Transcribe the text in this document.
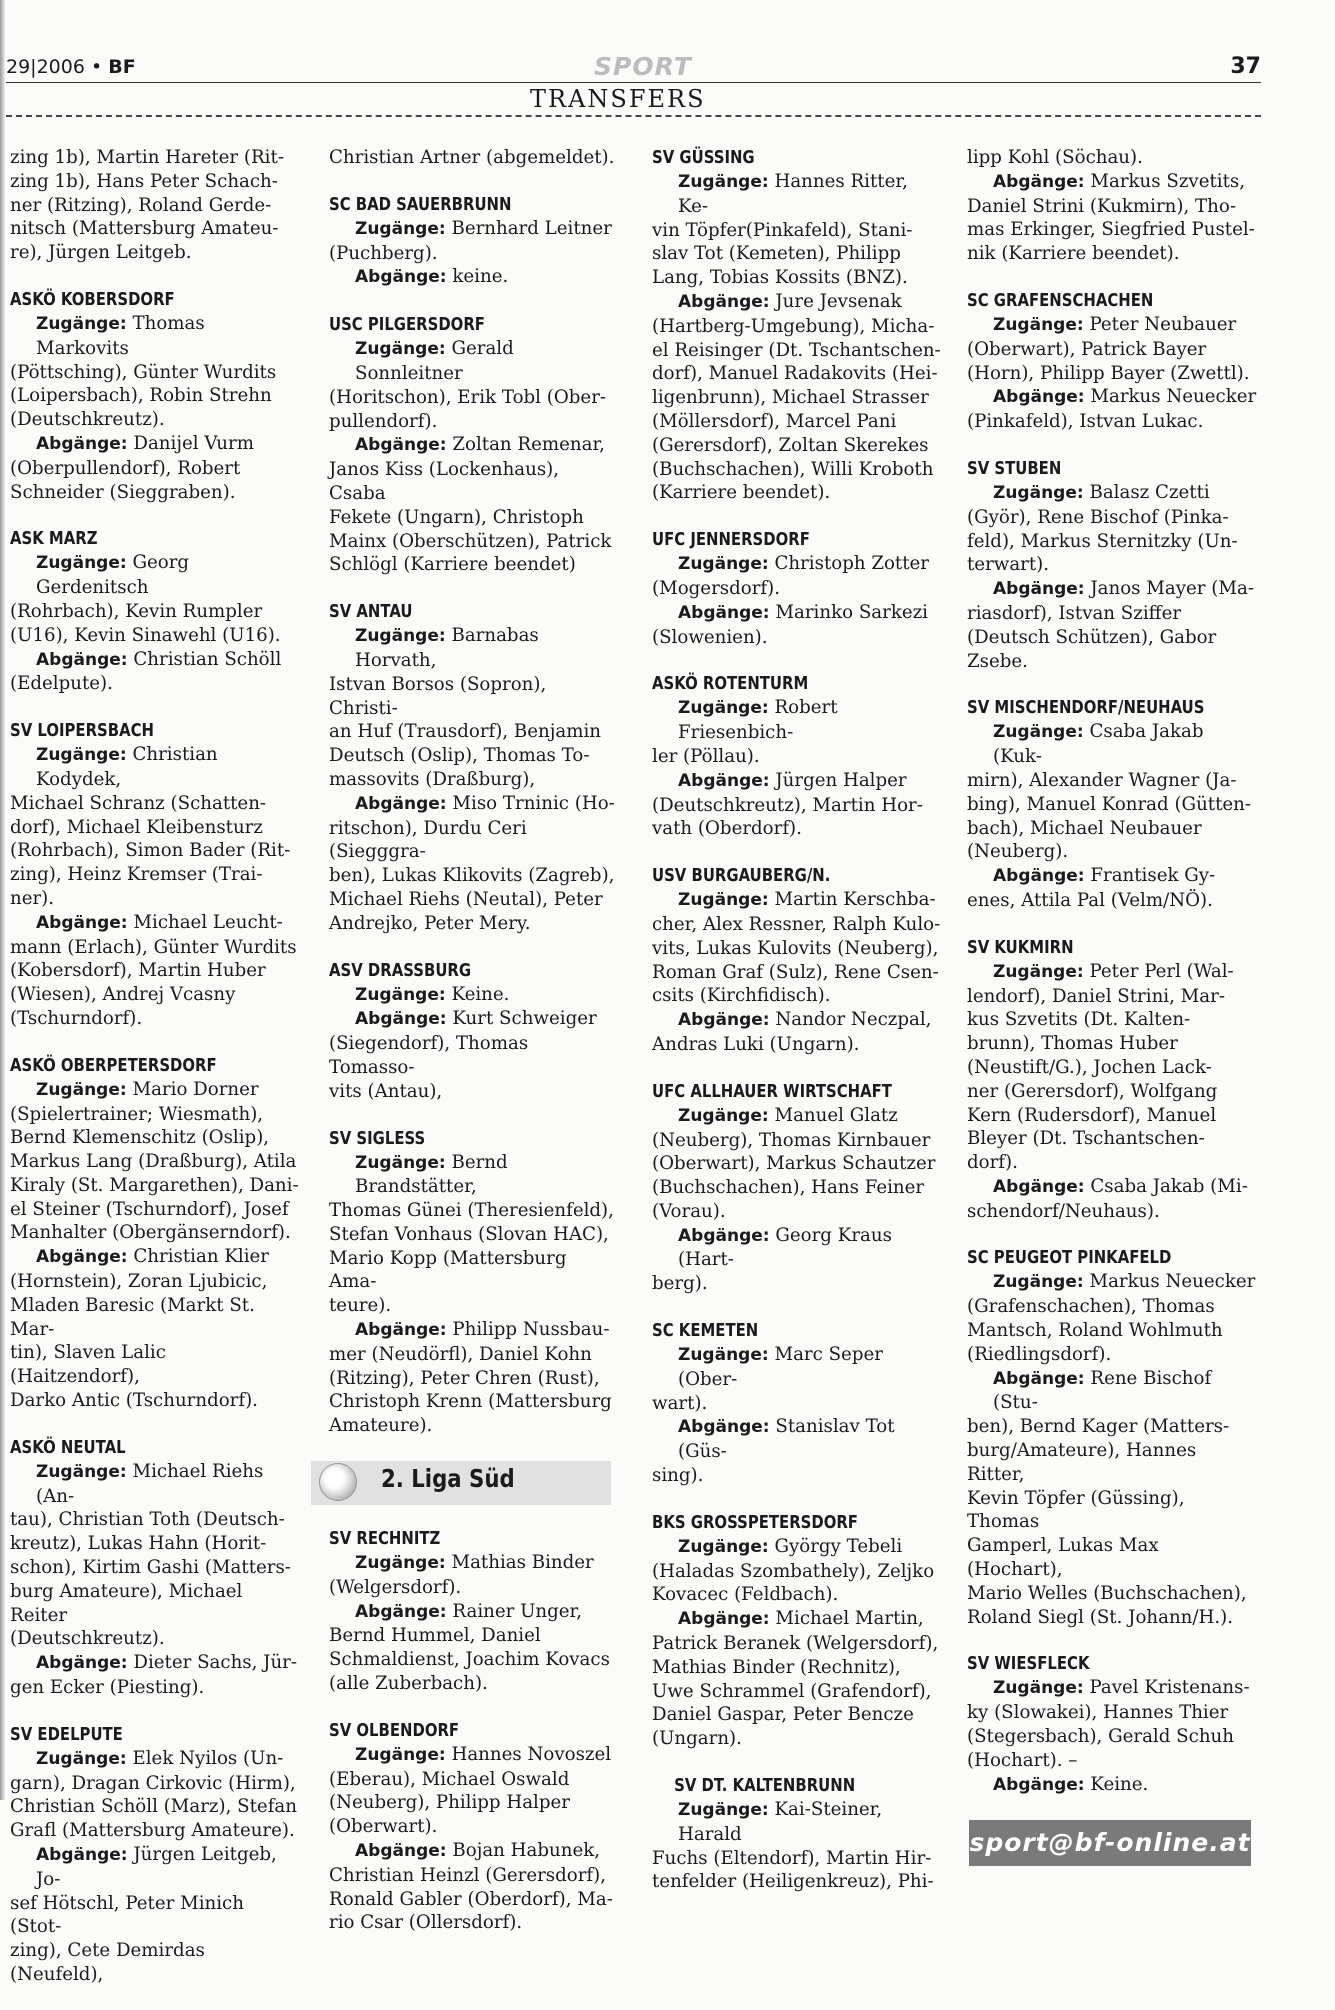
29|2006 • BF	SPORT	37
TRANSFERS
zing 1b), Martin Hareter (Rit-
zing 1b), Hans Peter Schach-
ner (Ritzing), Roland Gerde-
nitsch (Mattersburg Amateu-
re), Jürgen Leitgeb.
ASKÖ KOBERSDORF
Zugänge: Thomas Markovits
(Pöttsching), Günter Wurdits
(Loipersbach), Robin Strehn
(Deutschkreutz).
Abgänge: Danijel Vurm
(Oberpullendorf), Robert
Schneider (Sieggraben).
ASK MARZ
Zugänge: Georg Gerdenitsch
(Rohrbach), Kevin Rumpler
(U16), Kevin Sinawehl (U16).
Abgänge: Christian Schöll
(Edelpute).
SV LOIPERSBACH
Zugänge: Christian Kodydek,
Michael Schranz (Schatten-
dorf), Michael Kleibensturz
(Rohrbach), Simon Bader (Rit-
zing), Heinz Kremser (Trai-
ner).
Abgänge: Michael Leucht-
mann (Erlach), Günter Wurdits
(Kobersdorf), Martin Huber
(Wiesen), Andrej Vcasny
(Tschurndorf).
ASKÖ OBERPETERSDORF
Zugänge: Mario Dorner
(Spielertrainer; Wiesmath),
Bernd Klemenschitz (Oslip),
Markus Lang (Draßburg), Atila
Kiraly (St. Margarethen), Dani-
el Steiner (Tschurndorf), Josef
Manhalter (Obergänserndorf).
Abgänge: Christian Klier
(Hornstein), Zoran Ljubicic,
Mladen Baresic (Markt St. Mar-
tin), Slaven Lalic (Haitzendorf),
Darko Antic (Tschurndorf).
ASKÖ NEUTAL
Zugänge: Michael Riehs (An-
tau), Christian Toth (Deutsch-
kreutz), Lukas Hahn (Horit-
schon), Kirtim Gashi (Matters-
burg Amateure), Michael Reiter
(Deutschkreutz).
Abgänge: Dieter Sachs, Jür-
gen Ecker (Piesting).
SV EDELPUTE
Zugänge: Elek Nyilos (Un-
garn), Dragan Cirkovic (Hirm),
Christian Schöll (Marz), Stefan
Grafl (Mattersburg Amateure).
Abgänge: Jürgen Leitgeb, Jo-
sef Hötschl, Peter Minich (Stot-
zing), Cete Demirdas (Neufeld),
Christian Artner (abgemeldet).
SC BAD SAUERBRUNN
Zugänge: Bernhard Leitner
(Puchberg).
Abgänge: keine.
USC PILGERSDORF
Zugänge: Gerald Sonnleitner
(Horitschon), Erik Tobl (Ober-
pullendorf).
Abgänge: Zoltan Remenar,
Janos Kiss (Lockenhaus), Csaba
Fekete (Ungarn), Christoph
Mainx (Oberschützen), Patrick
Schlögl (Karriere beendet)
SV ANTAU
Zugänge: Barnabas Horvath,
Istvan Borsos (Sopron), Christi-
an Huf (Trausdorf), Benjamin
Deutsch (Oslip), Thomas To-
massovits (Draßburg),
Abgänge: Miso Trninic (Ho-
ritschon), Durdu Ceri (Siegggra-
ben), Lukas Klikovits (Zagreb),
Michael Riehs (Neutal), Peter
Andrejko, Peter Mery.
ASV DRASSBURG
Zugänge: Keine.
Abgänge: Kurt Schweiger
(Siegendorf), Thomas Tomasso-
vits (Antau),
SV SIGLESS
Zugänge: Bernd Brandstätter,
Thomas Günei (Theresienfeld),
Stefan Vonhaus (Slovan HAC),
Mario Kopp (Mattersburg Ama-
teure).
Abgänge: Philipp Nussbau-
mer (Neudörfl), Daniel Kohn
(Ritzing), Peter Chren (Rust),
Christoph Krenn (Mattersburg
Amateure).
2. Liga Süd
SV RECHNITZ
Zugänge: Mathias Binder
(Welgersdorf).
Abgänge: Rainer Unger,
Bernd Hummel, Daniel
Schmaldienst, Joachim Kovacs
(alle Zuberbach).
SV OLBENDORF
Zugänge: Hannes Novoszel
(Eberau), Michael Oswald
(Neuberg), Philipp Halper
(Oberwart).
Abgänge: Bojan Habunek,
Christian Heinzl (Gerersdorf),
Ronald Gabler (Oberdorf), Ma-
rio Csar (Ollersdorf).
SV GÜSSING
Zugänge: Hannes Ritter, Ke-
vin Töpfer(Pinkafeld), Stani-
slav Tot (Kemeten), Philipp
Lang, Tobias Kossits (BNZ).
Abgänge: Jure Jevsenak
(Hartberg-Umgebung), Micha-
el Reisinger (Dt. Tschantschen-
dorf), Manuel Radakovits (Hei-
ligenbrunn), Michael Strasser
(Möllersdorf), Marcel Pani
(Gerersdorf), Zoltan Skerekes
(Buchschachen), Willi Kroboth
(Karriere beendet).
UFC JENNERSDORF
Zugänge: Christoph Zotter
(Mogersdorf).
Abgänge: Marinko Sarkezi
(Slowenien).
ASKÖ ROTENTURM
Zugänge: Robert Friesenbich-
ler (Pöllau).
Abgänge: Jürgen Halper
(Deutschkreutz), Martin Hor-
vath (Oberdorf).
USV BURGAUBERG/N.
Zugänge: Martin Kerschba-
cher, Alex Ressner, Ralph Kulo-
vits, Lukas Kulovits (Neuberg),
Roman Graf (Sulz), Rene Csen-
csits (Kirchfidisch).
Abgänge: Nandor Neczpal,
Andras Luki (Ungarn).
UFC ALLHAUER WIRTSCHAFT
Zugänge: Manuel Glatz
(Neuberg), Thomas Kirnbauer
(Oberwart), Markus Schautzer
(Buchschachen), Hans Feiner
(Vorau).
Abgänge: Georg Kraus (Hart-
berg).
SC KEMETEN
Zugänge: Marc Seper (Ober-
wart).
Abgänge: Stanislav Tot (Güs-
sing).
BKS GROSSPETERSDORF
Zugänge: György Tebeli
(Haladas Szombathely), Zeljko
Kovacec (Feldbach).
Abgänge: Michael Martin,
Patrick Beranek (Welgersdorf),
Mathias Binder (Rechnitz),
Uwe Schrammel (Grafendorf),
Daniel Gaspar, Peter Bencze
(Ungarn).
SV DT. KALTENBRUNN
Zugänge: Kai-Steiner, Harald
Fuchs (Eltendorf), Martin Hir-
tenfelder (Heiligenkreuz), Phi-
lipp Kohl (Söchau).
Abgänge: Markus Szvetits,
Daniel Strini (Kukmirn), Tho-
mas Erkinger, Siegfried Pustel-
nik (Karriere beendet).
SC GRAFENSCHACHEN
Zugänge: Peter Neubauer
(Oberwart), Patrick Bayer
(Horn), Philipp Bayer (Zwettl).
Abgänge: Markus Neuecker
(Pinkafeld), Istvan Lukac.
SV STUBEN
Zugänge: Balasz Czetti
(Györ), Rene Bischof (Pinka-
feld), Markus Sternitzky (Un-
terwart).
Abgänge: Janos Mayer (Ma-
riasdorf), Istvan Sziffer
(Deutsch Schützen), Gabor
Zsebe.
SV MISCHENDORF/NEUHAUS
Zugänge: Csaba Jakab (Kuk-
mirn), Alexander Wagner (Ja-
bing), Manuel Konrad (Gütten-
bach), Michael Neubauer
(Neuberg).
Abgänge: Frantisek Gy-
enes, Attila Pal (Velm/NÖ).
SV KUKMIRN
Zugänge: Peter Perl (Wal-
lendorf), Daniel Strini, Mar-
kus Szvetits (Dt. Kalten-
brunn), Thomas Huber
(Neustift/G.), Jochen Lack-
ner (Gerersdorf), Wolfgang
Kern (Rudersdorf), Manuel
Bleyer (Dt. Tschantschen-
dorf).
Abgänge: Csaba Jakab (Mi-
schendorf/Neuhaus).
SC PEUGEOT PINKAFELD
Zugänge: Markus Neuecker
(Grafenschachen), Thomas
Mantsch, Roland Wohlmuth
(Riedlingsdorf).
Abgänge: Rene Bischof (Stu-
ben), Bernd Kager (Matters-
burg/Amateure), Hannes Ritter,
Kevin Töpfer (Güssing), Thomas
Gamperl, Lukas Max (Hochart),
Mario Welles (Buchschachen),
Roland Siegl (St. Johann/H.).
SV WIESFLECK
Zugänge: Pavel Kristenans-
ky (Slowakei), Hannes Thier
(Stegersbach), Gerald Schuh
(Hochart). –
Abgänge: Keine.
sport@bf-online.at
